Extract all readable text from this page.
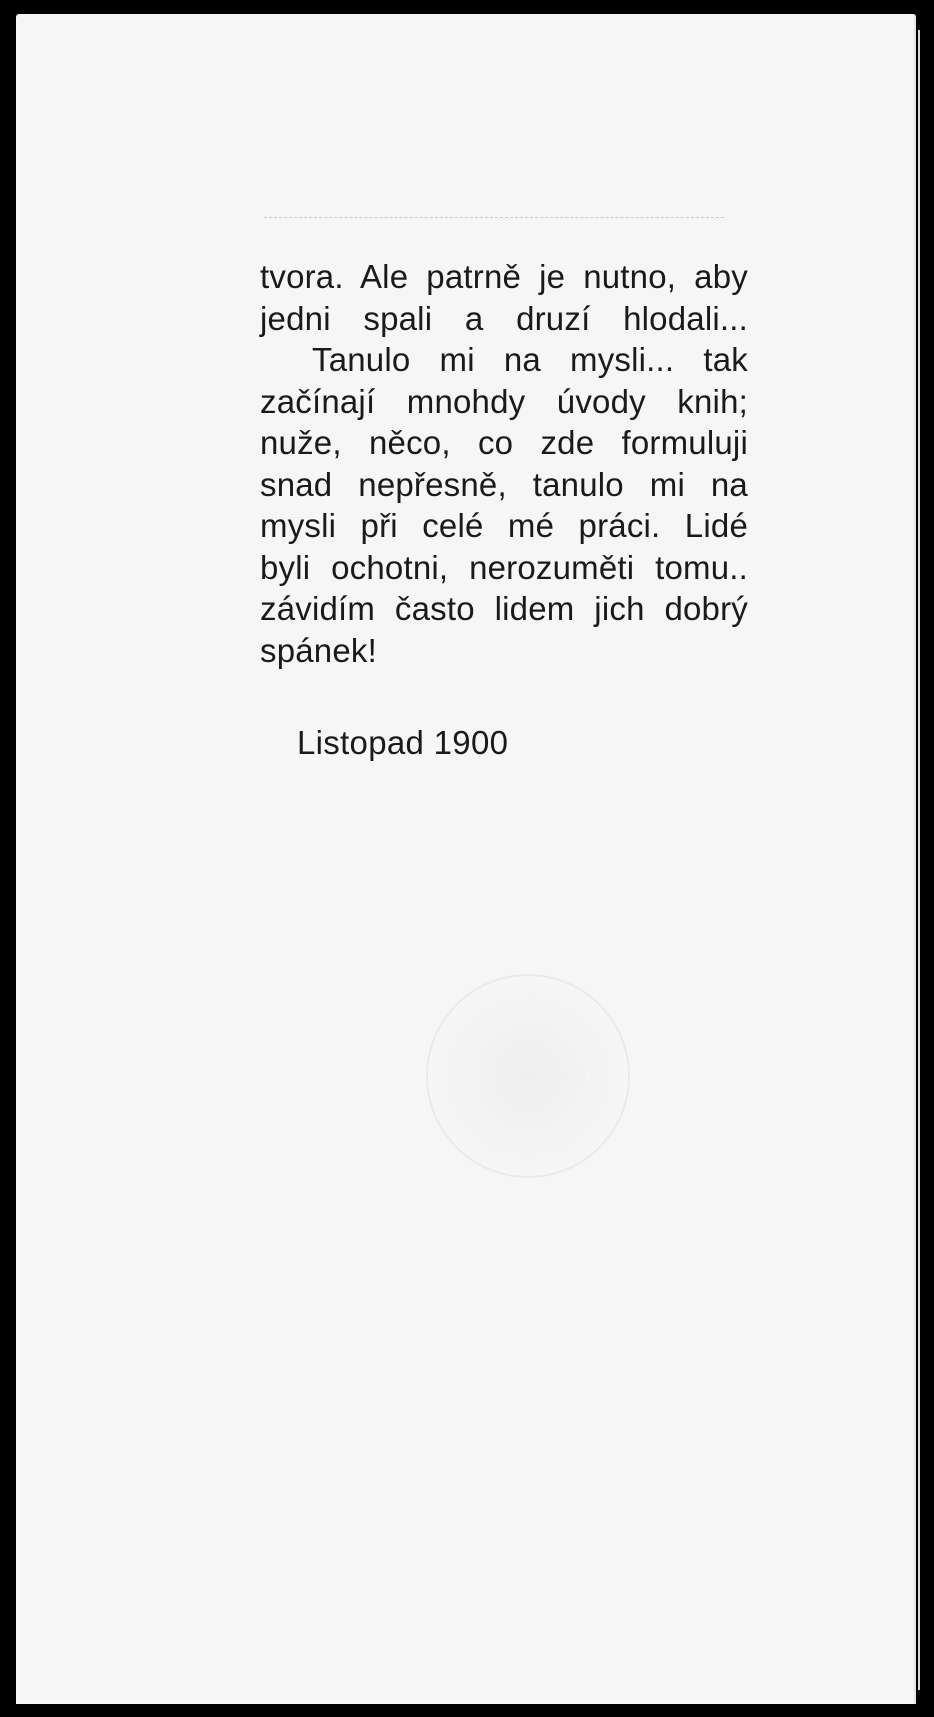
tvora. Ale patrně je nutno, aby
jedni spali a druzí hlodali...
Tanulo mi na mysli... tak
začínají mnohdy úvody knih;
nuže, něco, co zde formuluji
snad nepřesně, tanulo mi na
mysli při celé mé práci. Lidé
byli ochotni, nerozuměti tomu..
závidím často lidem jich dobrý
spánek!
Listopad 1900
